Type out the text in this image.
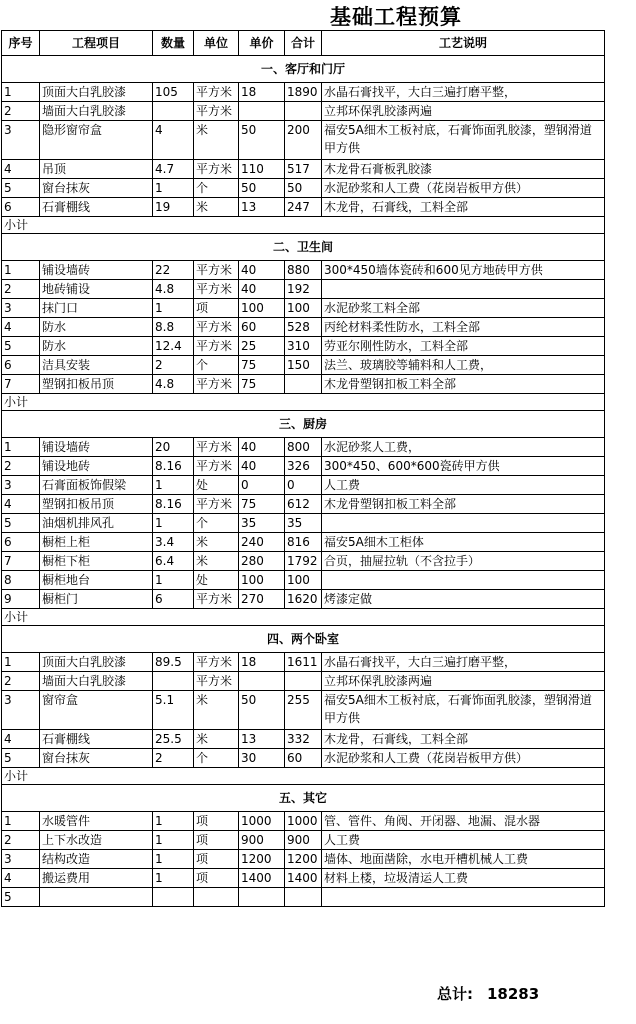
基础工程预算
序号	工程项目	数量	单位	单价	合计	工艺说明
一、客厅和门厅						
1	顶面大白乳胶漆	105	平方米	18	1890	水晶石膏找平，大白三遍打磨平整，
2	墙面大白乳胶漆		平方米			立邦环保乳胶漆两遍
3	隐形窗帘盒	4	米	50	200	福安5A细木工板衬底，石膏饰面乳胶漆，塑钢滑道甲方供
4	吊顶	4.7	平方米	110	517	木龙骨石膏板乳胶漆
5	窗台抹灰	1	个	50	50	水泥砂浆和人工费（花岗岩板甲方供）
6	石膏棚线	19	米	13	247	木龙骨，石膏线，工料全部
小计						
二、卫生间						
1	铺设墙砖	22	平方米	40	880	300*450墙体瓷砖和600见方地砖甲方供
2	地砖铺设	4.8	平方米	40	192	
3	抹门口	1	项	100	100	水泥砂浆工料全部
4	防水	8.8	平方米	60	528	丙纶材料柔性防水，工料全部
5	防水	12.4	平方米	25	310	劳亚尔刚性防水，工料全部
6	洁具安装	2	个	75	150	法兰、玻璃胶等辅料和人工费，
7	塑钢扣板吊顶	4.8	平方米	75		木龙骨塑钢扣板工料全部
小计						
三、厨房						
1	铺设墙砖	20	平方米	40	800	水泥砂浆人工费，
2	铺设地砖	8.16	平方米	40	326	300*450、600*600瓷砖甲方供
3	石膏面板饰假梁	1	处	0	0	人工费
4	塑钢扣板吊顶	8.16	平方米	75	612	木龙骨塑钢扣板工料全部
5	油烟机排风孔	1	个	35	35	
6	橱柜上柜	3.4	米	240	816	福安5A细木工柜体
7	橱柜下柜	6.4	米	280	1792	合页，抽屉拉轨（不含拉手）
8	橱柜地台	1	处	100	100	
9	橱柜门	6	平方米	270	1620	烤漆定做
小计						
四、两个卧室						
1	顶面大白乳胶漆	89.5	平方米	18	1611	水晶石膏找平，大白三遍打磨平整，
2	墙面大白乳胶漆		平方米			立邦环保乳胶漆两遍
3	窗帘盒	5.1	米	50	255	福安5A细木工板衬底，石膏饰面乳胶漆，塑钢滑道甲方供
4	石膏棚线	25.5	米	13	332	木龙骨，石膏线，工料全部
5	窗台抹灰	2	个	30	60	水泥砂浆和人工费（花岗岩板甲方供）
小计						
五、其它						
1	水暖管件	1	项	1000	1000	管、管件、角阀、开闭器、地漏、混水器
2	上下水改造	1	项	900	900	人工费
3	结构改造	1	项	1200	1200	墙体、地面凿除，水电开槽机械人工费
4	搬运费用	1	项	1400	1400	材料上楼，垃圾清运人工费
5						
总计: 18283
